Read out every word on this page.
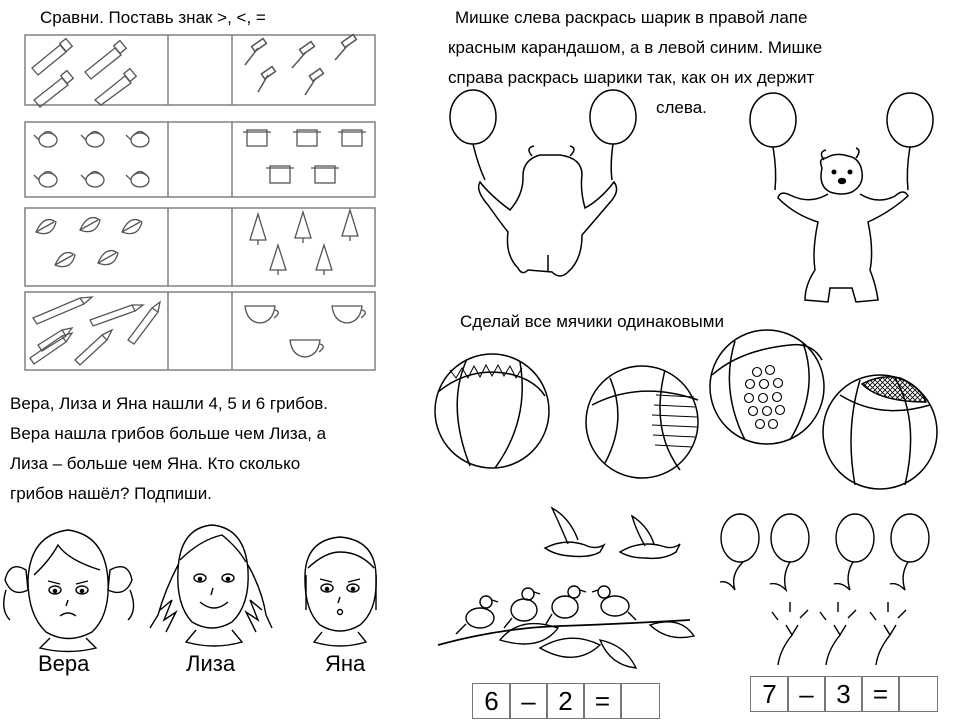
Сравни. Поставь знак >, <, =	Мишке слева раскрась шарик в правой лапе
красным карандашом, а в левой синим. Мишке
справа раскрась шарики так, как он их держит
слева.
Сделай все мячики одинаковыми
Вера, Лиза и Яна нашли 4, 5 и 6 грибов.
Вера нашла грибов больше чем Лиза, а
Лиза – больше чем Яна. Кто сколько
грибов нашёл? Подпиши.
Вера	Лиза	Яна
6 – 2 =	7 – 3 =
